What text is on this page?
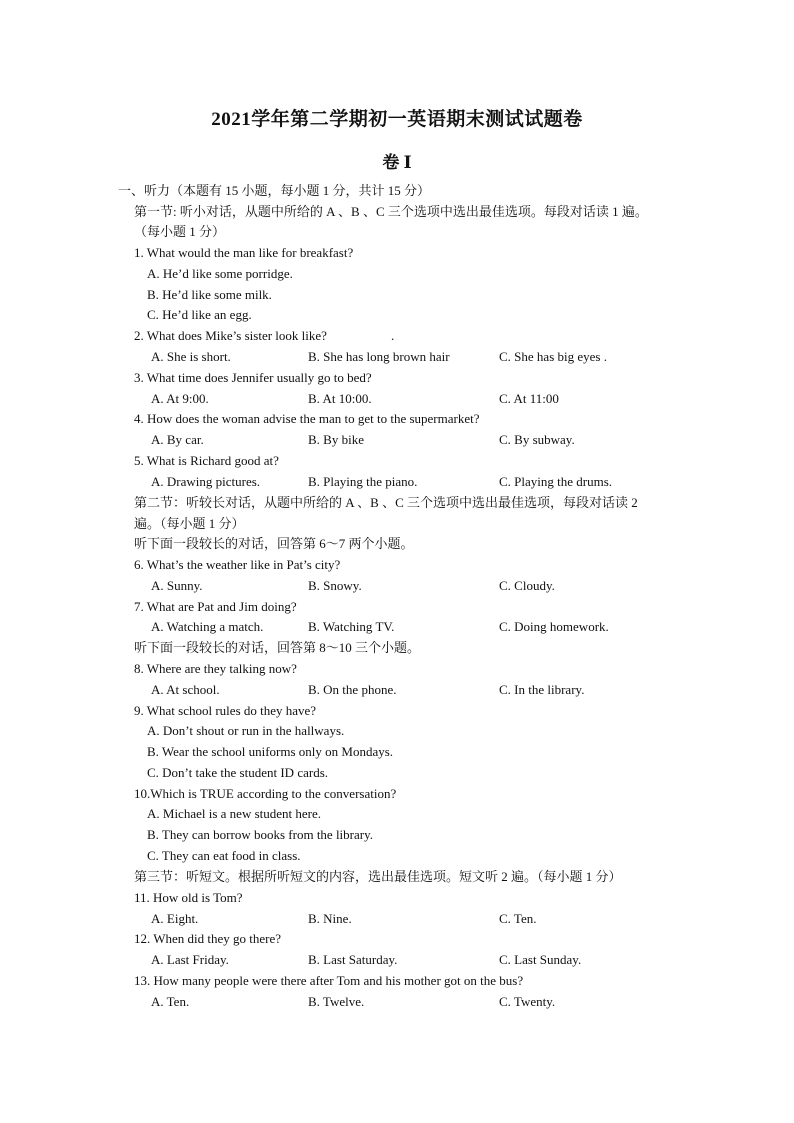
2021学年第二学期初一英语期末测试试题卷
卷 Ⅰ
一、听力（本题有 15 小题，每小题 1 分，共计 15 分）
第一节: 听小对话，从题中所给的 A 、B 、C 三个选项中选出最佳选项。每段对话读 1 遍。
（每小题 1 分）
1. What would the man like for breakfast?
A. He’d like some porridge.
B. He’d like some milk.
C. He’d like an egg.
2. What does Mike’s sister look like?	.
A. She is short.	B. She has long brown hair	C. She has big eyes .
3. What time does Jennifer usually go to bed?
A. At 9:00.	B. At 10:00.	C. At 11:00
4. How does the woman advise the man to get to the supermarket?
A. By car.	B. By bike	C. By subway.
5. What is Richard good at?
A. Drawing pictures.	B. Playing the piano.	C. Playing the drums.
第二节：听较长对话，从题中所给的 A 、B 、C 三个选项中选出最佳选项，每段对话读 2
遍。（每小题 1 分）
听下面一段较长的对话，回答第 6～7 两个小题。
6. What’s the weather like in Pat’s city?
A. Sunny.	B. Snowy.	C. Cloudy.
7. What are Pat and Jim doing?
A. Watching a match.	B. Watching TV.	C. Doing homework.
听下面一段较长的对话，回答第 8～10 三个小题。
8. Where are they talking now?
A. At school.	B. On the phone.	C. In the library.
9. What school rules do they have?
A. Don’t shout or run in the hallways.
B. Wear the school uniforms only on Mondays.
C. Don’t take the student ID cards.
10.Which is TRUE according to the conversation?
A. Michael is a new student here.
B. They can borrow books from the library.
C. They can eat food in class.
第三节：听短文。根据所听短文的内容，选出最佳选项。短文听 2 遍。（每小题 1 分）
11. How old is Tom?
A. Eight.	B. Nine.	C. Ten.
12. When did they go there?
A. Last Friday.	B. Last Saturday.	C. Last Sunday.
13. How many people were there after Tom and his mother got on the bus?
A. Ten.	B. Twelve.	C. Twenty.
